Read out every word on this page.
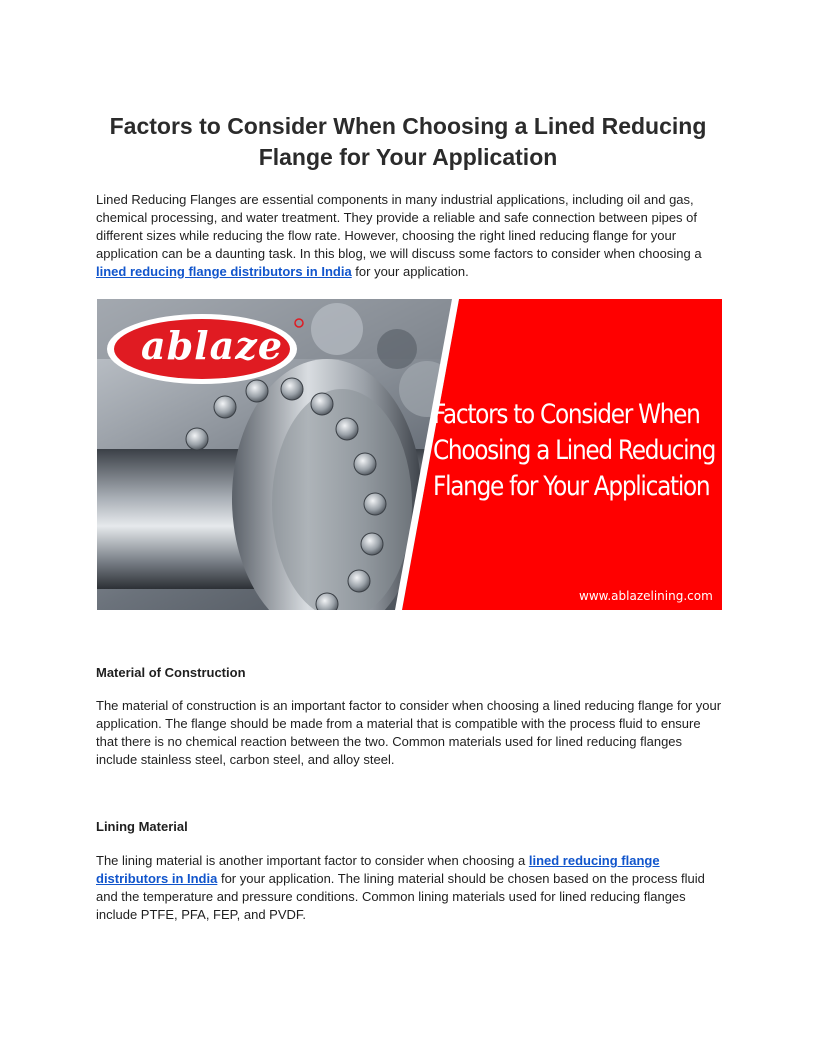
Factors to Consider When Choosing a Lined Reducing Flange for Your Application

Lined Reducing Flanges are essential components in many industrial applications, including oil and gas, chemical processing, and water treatment. They provide a reliable and safe connection between pipes of different sizes while reducing the flow rate. However, choosing the right lined reducing flange for your application can be a daunting task. In this blog, we will discuss some factors to consider when choosing a lined reducing flange distributors in India for your application.

ablaze
Factors to Consider When
Choosing a Lined Reducing
Flange for Your Application
www.ablazelining.com
Material of Construction

The material of construction is an important factor to consider when choosing a lined reducing flange for your application. The flange should be made from a material that is compatible with the process fluid to ensure that there is no chemical reaction between the two. Common materials used for lined reducing flanges include stainless steel, carbon steel, and alloy steel.

Lining Material

The lining material is another important factor to consider when choosing a lined reducing flange distributors in India for your application. The lining material should be chosen based on the process fluid and the temperature and pressure conditions. Common lining materials used for lined reducing flanges include PTFE, PFA, FEP, and PVDF.
